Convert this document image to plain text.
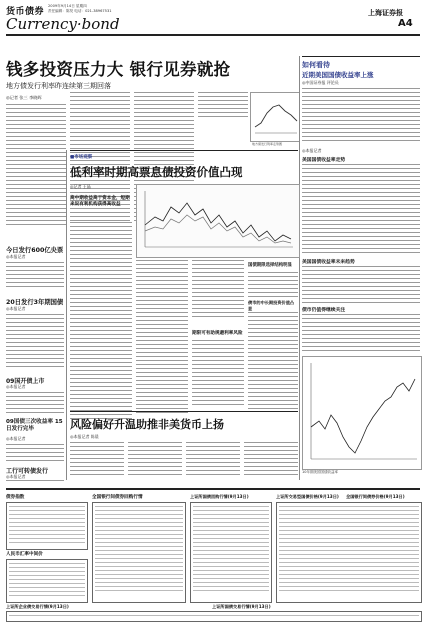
货币债券
2009年9月14日 星期四
责任编辑：陈昊 电话：021-38967531
Currency·bond
上海证券报
A4
钱多投资压力大 银行见券就抢
地方债发行利率昨连续第三期回落
◎记者 张三 李晓晖
地方债发行利率走势图
如何看待
近期美国国债收益率上涨
◎中国证券报 评论员
今日发行600亿央票
◎本报记者
20日发行3年期国债
◎本报记者
09国开债上市
◎本报记者
09国债三次收益率 15日发行完毕
◎本报记者
工行可转债发行
◎本报记者
■市场观察
低利率时期高票息债投资价值凸现
◎记者 王晶
高中期收益高于资本金，短期来说有利机构获得高收益
期限可有助规避利率风险
国债期限选择结构明显
债市的中长期投资价值凸显
风险偏好升温助推非美货币上扬
◎本报记者 陈晨
◎本报记者
美国国债收益率走势
美国国债收益率未来趋势
债市仍值得继续关注
10年期美国国债收益率
债券指数
人民币汇率中间价
全国银行间债券回购行情	上证所国债回购行情(9月13日)	上证所交易型国债价格(9月13日) 全国银行间债券价格(9月13日)
上证所企业债交易行情(9月13日)	上证所国债交易行情(9月13日)
